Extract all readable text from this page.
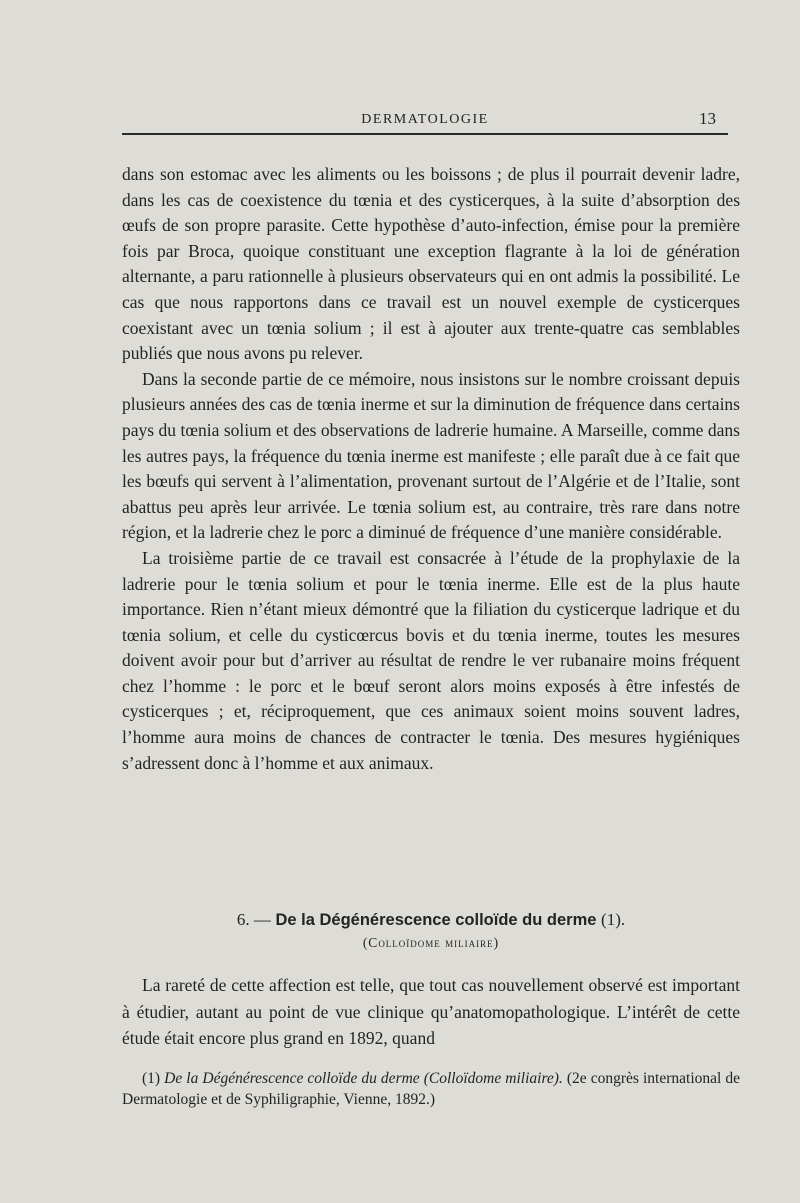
DERMATOLOGIE	13

dans son estomac avec les aliments ou les boissons ; de plus il pourrait devenir ladre, dans les cas de coexistence du tœnia et des cysticerques, à la suite d’absorption des œufs de son propre parasite. Cette hypothèse d’auto-infection, émise pour la première fois par Broca, quoique constituant une exception flagrante à la loi de génération alternante, a paru rationnelle à plusieurs observateurs qui en ont admis la possibilité. Le cas que nous rapportons dans ce travail est un nouvel exemple de cysticerques coexistant avec un tœnia solium ; il est à ajouter aux trente-quatre cas semblables publiés que nous avons pu relever.

Dans la seconde partie de ce mémoire, nous insistons sur le nombre croissant depuis plusieurs années des cas de tœnia inerme et sur la diminution de fréquence dans certains pays du tœnia solium et des observations de ladrerie humaine. A Marseille, comme dans les autres pays, la fréquence du tœnia inerme est manifeste ; elle paraît due à ce fait que les bœufs qui servent à l’alimentation, provenant surtout de l’Algérie et de l’Italie, sont abattus peu après leur arrivée. Le tœnia solium est, au contraire, très rare dans notre région, et la ladrerie chez le porc a diminué de fréquence d’une manière considérable.

La troisième partie de ce travail est consacrée à l’étude de la prophylaxie de la ladrerie pour le tœnia solium et pour le tœnia inerme. Elle est de la plus haute importance. Rien n’étant mieux démontré que la filiation du cysticerque ladrique et du tœnia solium, et celle du cysticœrcus bovis et du tœnia inerme, toutes les mesures doivent avoir pour but d’arriver au résultat de rendre le ver rubanaire moins fréquent chez l’homme : le porc et le bœuf seront alors moins exposés à être infestés de cysticerques ; et, réciproquement, que ces animaux soient moins souvent ladres, l’homme aura moins de chances de contracter le tœnia. Des mesures hygiéniques s’adressent donc à l’homme et aux animaux.

6. — De la Dégénérescence colloïde du derme (1).
(Colloïdome miliaire)

La rareté de cette affection est telle, que tout cas nouvellement observé est important à étudier, autant au point de vue clinique qu’anatomopathologique. L’intérêt de cette étude était encore plus grand en 1892, quand

(1) De la Dégénérescence colloïde du derme (Colloïdome miliaire). (2e congrès international de Dermatologie et de Syphiligraphie, Vienne, 1892.)
